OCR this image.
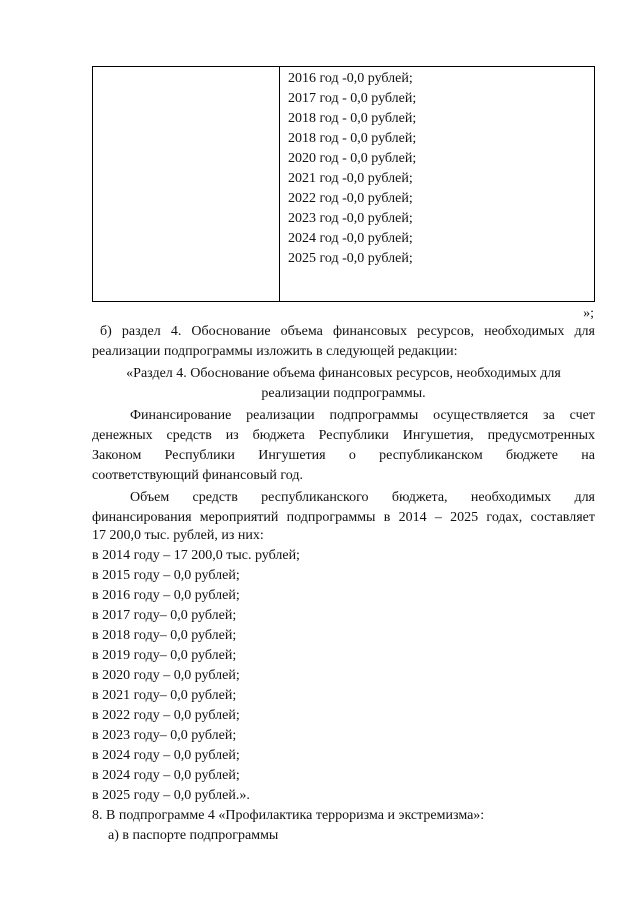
2016 год -0,0 рублей;
2017 год - 0,0 рублей;
2018 год - 0,0 рублей;
2018 год - 0,0 рублей;
2020 год - 0,0 рублей;
2021 год -0,0 рублей;
2022 год -0,0 рублей;
2023 год -0,0 рублей;
2024 год -0,0 рублей;
2025 год -0,0 рублей;
»;
б) раздел 4. Обоснование объема финансовых ресурсов, необходимых для
реализации подпрограммы изложить в следующей редакции:
«Раздел 4. Обоснование объема финансовых ресурсов, необходимых для
реализации подпрограммы.
Финансирование реализации подпрограммы осуществляется за счет
денежных средств из бюджета Республики Ингушетия, предусмотренных
Законом Республики Ингушетия о республиканском бюджете на
соответствующий финансовый год.
Объем средств республиканского бюджета, необходимых для
финансирования мероприятий подпрограммы в 2014 – 2025 годах, составляет
17 200,0 тыс. рублей, из них:
в 2014 году – 17 200,0 тыс. рублей;
в 2015 году – 0,0 рублей;
в 2016 году – 0,0 рублей;
в 2017 году– 0,0 рублей;
в 2018 году– 0,0 рублей;
в 2019 году– 0,0 рублей;
в 2020 году – 0,0 рублей;
в 2021 году– 0,0 рублей;
в 2022 году – 0,0 рублей;
в 2023 году– 0,0 рублей;
в 2024 году – 0,0 рублей;
в 2024 году – 0,0 рублей;
в 2025 году – 0,0 рублей.».
8. В подпрограмме 4 «Профилактика терроризма и экстремизма»:
а) в паспорте подпрограммы
